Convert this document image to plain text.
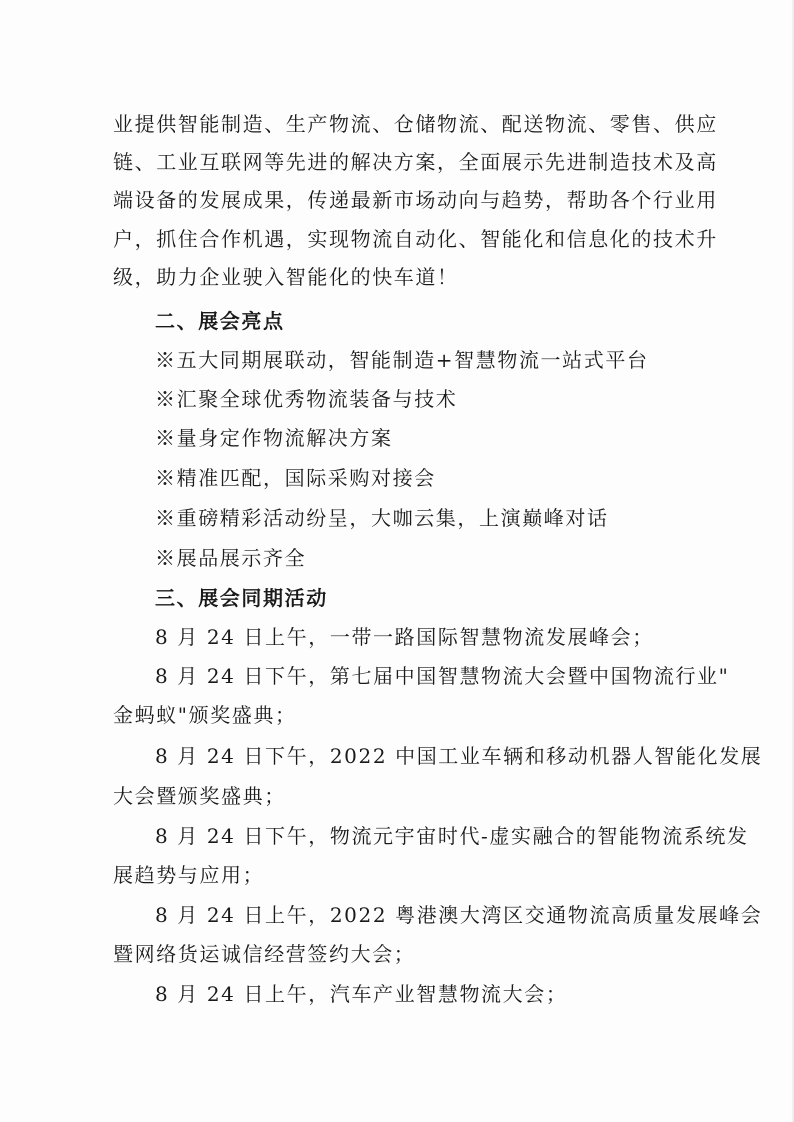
业提供智能制造、生产物流、仓储物流、配送物流、零售、供应
链、工业互联网等先进的解决方案，全面展示先进制造技术及高
端设备的发展成果，传递最新市场动向与趋势，帮助各个行业用
户，抓住合作机遇，实现物流自动化、智能化和信息化的技术升
级，助力企业驶入智能化的快车道！
二、展会亮点
※五大同期展联动，智能制造+智慧物流一站式平台
※汇聚全球优秀物流装备与技术
※量身定作物流解决方案
※精准匹配，国际采购对接会
※重磅精彩活动纷呈，大咖云集，上演巅峰对话
※展品展示齐全
三、展会同期活动
8 月 24 日上午，一带一路国际智慧物流发展峰会；
8 月 24 日下午，第七届中国智慧物流大会暨中国物流行业"
金蚂蚁"颁奖盛典；
8 月 24 日下午，2022 中国工业车辆和移动机器人智能化发展
大会暨颁奖盛典；
8 月 24 日下午，物流元宇宙时代-虚实融合的智能物流系统发
展趋势与应用；
8 月 24 日上午，2022 粤港澳大湾区交通物流高质量发展峰会
暨网络货运诚信经营签约大会；
8 月 24 日上午，汽车产业智慧物流大会；
